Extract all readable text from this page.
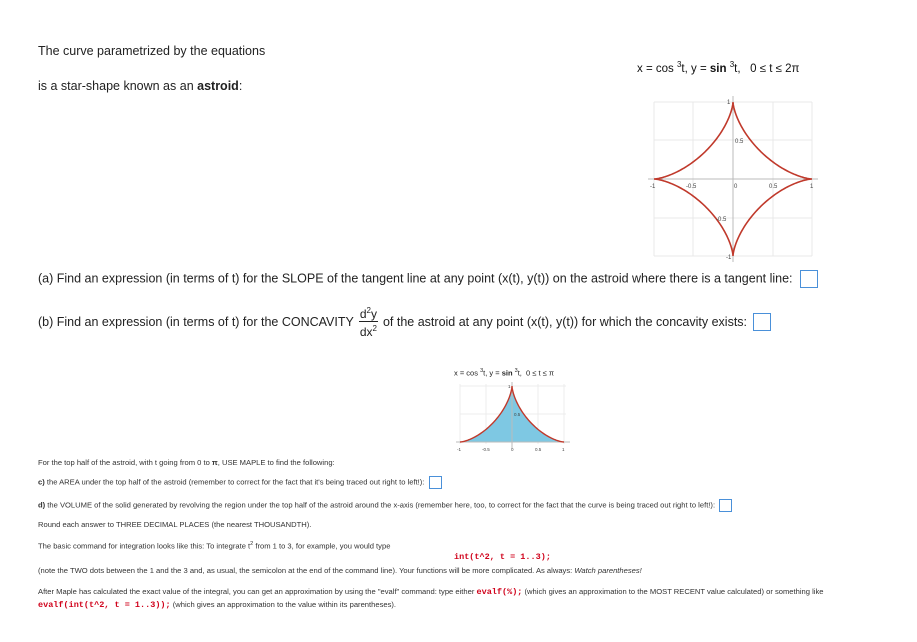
The curve parametrized by the equations
is a star-shape known as an astroid:
x = cos $^3$t, y = sin $^3$t, 0 ≤ t ≤ 2π
-1	-0.5	0	0.5	1
1
0.5
-0.5
-1
(a) Find an expression (in terms of t) for the SLOPE of the tangent line at any point (x(t), y(t)) on the astroid where there is a tangent line:
(b) Find an expression (in terms of t) for the CONCAVITY $\frac{d^2y}{dx^2}$ of the astroid at any point (x(t), y(t)) for which the concavity exists:
x = cos $^3$t, y = sin $^3$t, 0 ≤ t ≤ π
-1	-0.5	0	0.5	1
1
0.5
For the top half of the astroid, with t going from 0 to π, USE MAPLE to find the following:
c) the AREA under the top half of the astroid (remember to correct for the fact that it's being traced out right to left!):
d) the VOLUME of the solid generated by revolving the region under the top half of the astroid around the x-axis (remember here, too, to correct for the fact that the curve is being traced out right to left!):
Round each answer to THREE DECIMAL PLACES (the nearest THOUSANDTH).
The basic command for integration looks like this: To integrate $t^2$ from 1 to 3, for example, you would type
int(t^2, t = 1..3);
(note the TWO dots between the 1 and the 3 and, as usual, the semicolon at the end of the command line). Your functions will be more complicated. As always: Watch parentheses!
After Maple has calculated the exact value of the integral, you can get an approximation by using the "evalf" command: type either evalf(%); (which gives an approximation to the MOST RECENT value calculated) or something like
evalf(int(t^2, t = 1..3)); (which gives an approximation to the value within its parentheses).
